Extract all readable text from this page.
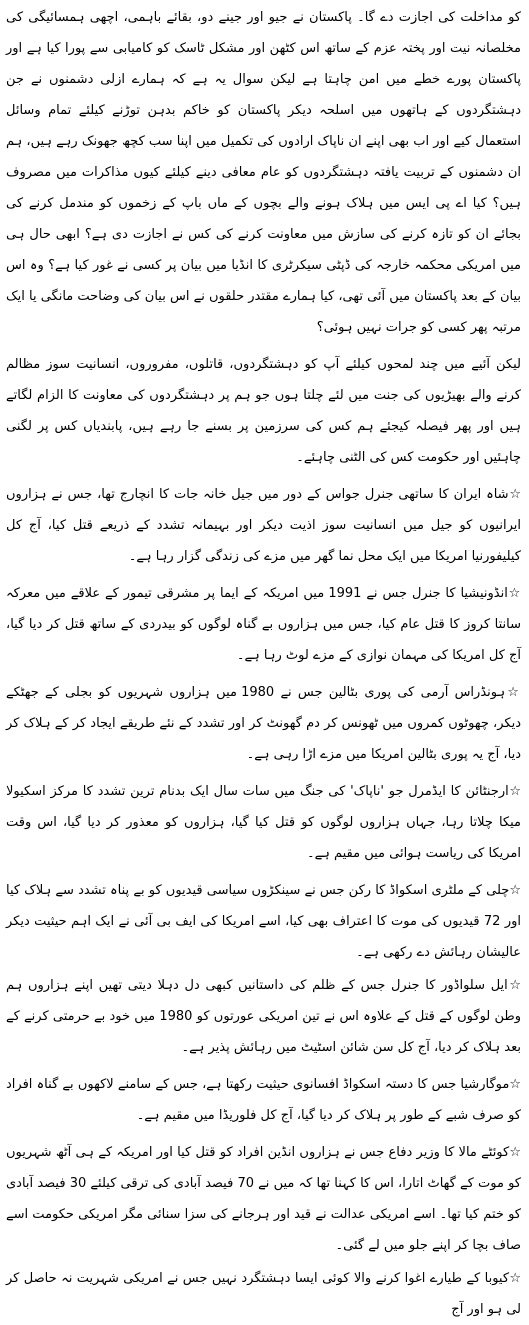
کو مداخلت کی اجازت دے گا۔ پاکستان نے جیو اور جینے دو، بقائے باہمی، اچھی ہمسائیگی کی مخلصانہ نیت اور پختہ عزم کے ساتھ اس کٹھن اور مشکل ٹاسک کو کامیابی سے پورا کیا ہے اور پاکستان پورے خطے میں امن چاہتا ہے لیکن سوال یہ ہے کہ ہمارے ازلی دشمنوں نے جن دہشتگردوں کے ہاتھوں میں اسلحہ دیکر پاکستان کو خاکم بدہن توڑنے کیلئے تمام وسائل استعمال کیے اور اب بھی اپنے ان ناپاک ارادوں کی تکمیل میں اپنا سب کچھ جھونک رہے ہیں، ہم ان دشمنوں کے تربیت یافتہ دہشتگردوں کو عام معافی دینے کیلئے کیوں مذاکرات میں مصروف ہیں؟ کیا اے پی ایس میں ہلاک ہونے والے بچوں کے ماں باپ کے زخموں کو مندمل کرنے کی بجائے ان کو تازہ کرنے کی سازش میں معاونت کرنے کی کس نے اجازت دی ہے؟ ابھی حال ہی میں امریکی محکمہ خارجہ کی ڈپٹی سیکرٹری کا انڈیا میں بیان پر کسی نے غور کیا ہے؟ وہ اس بیان کے بعد پاکستان میں آئی تھی، کیا ہمارے مقتدر حلقوں نے اس بیان کی وضاحت مانگی یا ایک مرتبہ پھر کسی کو جرات نہیں ہوئی؟

لیکن آئیے میں چند لمحوں کیلئے آپ کو دہشتگردوں، قاتلوں، مفروروں، انسانیت سوز مظالم کرنے والے بھیڑیوں کی جنت میں لئے چلتا ہوں جو ہم پر دہشتگردوں کی معاونت کا الزام لگاتے ہیں اور پھر فیصلہ کیجئے ہم کس کی سرزمین پر بسنے جا رہے ہیں، پابندیاں کس پر لگنی چاہئیں اور حکومت کس کی الٹنی چاہئے۔

☆شاہ ایران کا ساتھی جنرل جواس کے دور میں جیل خانہ جات کا انچارج تھا، جس نے ہزاروں ایرانیوں کو جیل میں انسانیت سوز اذیت دیکر اور بہیمانہ تشدد کے ذریعے قتل کیا، آج کل کیلیفورنیا امریکا میں ایک محل نما گھر میں مزے کی زندگی گزار رہا ہے۔

☆انڈونیشیا کا جنرل جس نے 1991 میں امریکہ کے ایما پر مشرقی تیمور کے علاقے میں معرکہ سانتا کروز کا قتل عام کیا، جس میں ہزاروں بے گناہ لوگوں کو بیدردی کے ساتھ قتل کر دیا گیا، آج کل امریکا کی مہمان نوازی کے مزے لوٹ رہا ہے۔

☆ہونڈراس آرمی کی پوری بٹالین جس نے 1980 میں ہزاروں شہریوں کو بجلی کے جھٹکے دیکر، چھوٹوں کمروں میں ٹھونس کر دم گھونٹ کر اور تشدد کے نئے طریقے ایجاد کر کے ہلاک کر دیا، آج یہ پوری بٹالین امریکا میں مزے اڑا رہی ہے۔

☆ارجنٹائن کا ایڈمرل جو 'ناپاک' کی جنگ میں سات سال ایک بدنام ترین تشدد کا مرکز اسکیولا میکا چلاتا رہا، جہاں ہزاروں لوگوں کو قتل کیا گیا، ہزاروں کو معذور کر دیا گیا، اس وقت امریکا کی ریاست ہوائی میں مقیم ہے۔

☆چلی کے ملٹری اسکواڈ کا رکن جس نے سینکڑوں سیاسی قیدیوں کو بے پناہ تشدد سے ہلاک کیا اور 72 قیدیوں کی موت کا اعتراف بھی کیا، اسے امریکا کی ایف بی آئی نے ایک اہم حیثیت دیکر عالیشان رہائش دے رکھی ہے۔

☆ایل سلواڈور کا جنرل جس کے ظلم کی داستانیں کبھی دل دہلا دیتی تھیں اپنے ہزاروں ہم وطن لوگوں کے قتل کے علاوہ اس نے تین امریکی عورتوں کو 1980 میں خود بے حرمتی کرنے کے بعد ہلاک کر دیا، آج کل سن شائن اسٹیٹ میں رہائش پذیر ہے۔

☆موگارشیا جس کا دستہ اسکواڈ افسانوی حیثیت رکھتا ہے، جس کے سامنے لاکھوں بے گناہ افراد کو صرف شبے کے طور پر ہلاک کر دیا گیا، آج کل فلوریڈا میں مقیم ہے۔

☆کوئٹے مالا کا وزیر دفاع جس نے ہزاروں انڈین افراد کو قتل کیا اور امریکہ کے ہی آٹھ شہریوں کو موت کے گھاٹ اتارا، اس کا کہنا تھا کہ میں نے 70 فیصد آبادی کی ترقی کیلئے 30 فیصد آبادی کو ختم کیا تھا۔ اسے امریکی عدالت نے قید اور ہرجانے کی سزا سنائی مگر امریکی حکومت اسے صاف بچا کر اپنے جلو میں لے گئی۔

☆کیوبا کے طیارے اغوا کرنے والا کوئی ایسا دہشتگرد نہیں جس نے امریکی شہریت نہ حاصل کر لی ہو اور آج
